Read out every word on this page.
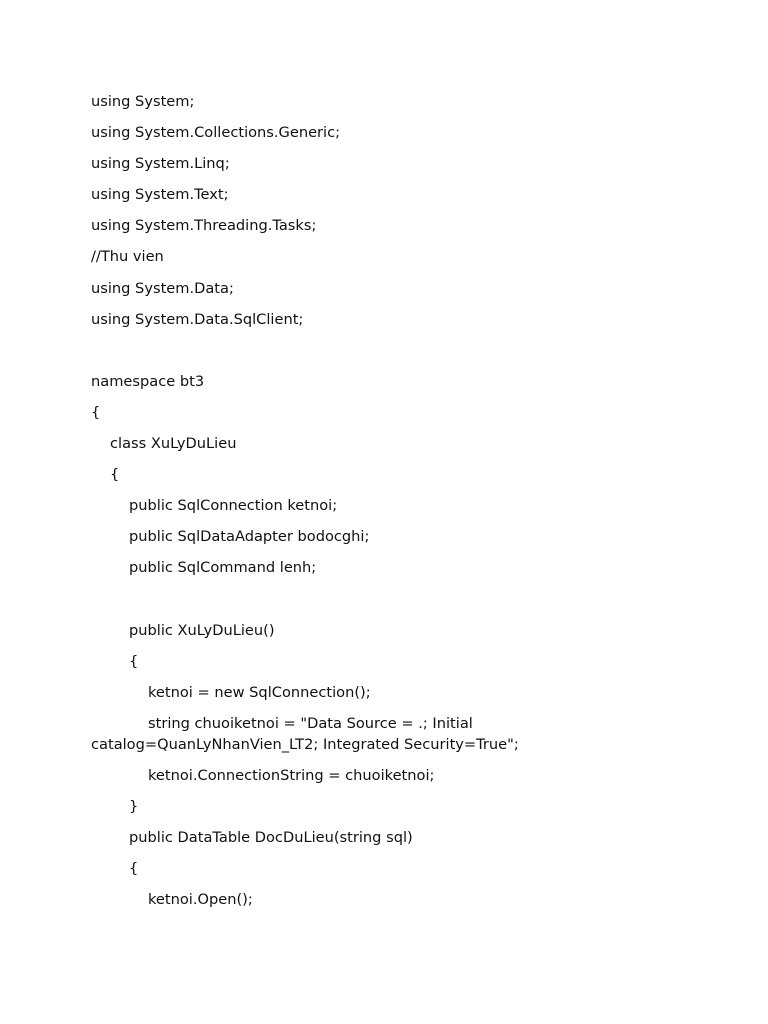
using System;
using System.Collections.Generic;
using System.Linq;
using System.Text;
using System.Threading.Tasks;
//Thu vien
using System.Data;
using System.Data.SqlClient;
namespace bt3
{
class XuLyDuLieu
{
public SqlConnection ketnoi;
public SqlDataAdapter bodocghi;
public SqlCommand lenh;
public XuLyDuLieu()
{
ketnoi = new SqlConnection();
string chuoiketnoi = "Data Source = .; Initial catalog=QuanLyNhanVien_LT2; Integrated Security=True";
ketnoi.ConnectionString = chuoiketnoi;
}
public DataTable DocDuLieu(string sql)
{
ketnoi.Open();
